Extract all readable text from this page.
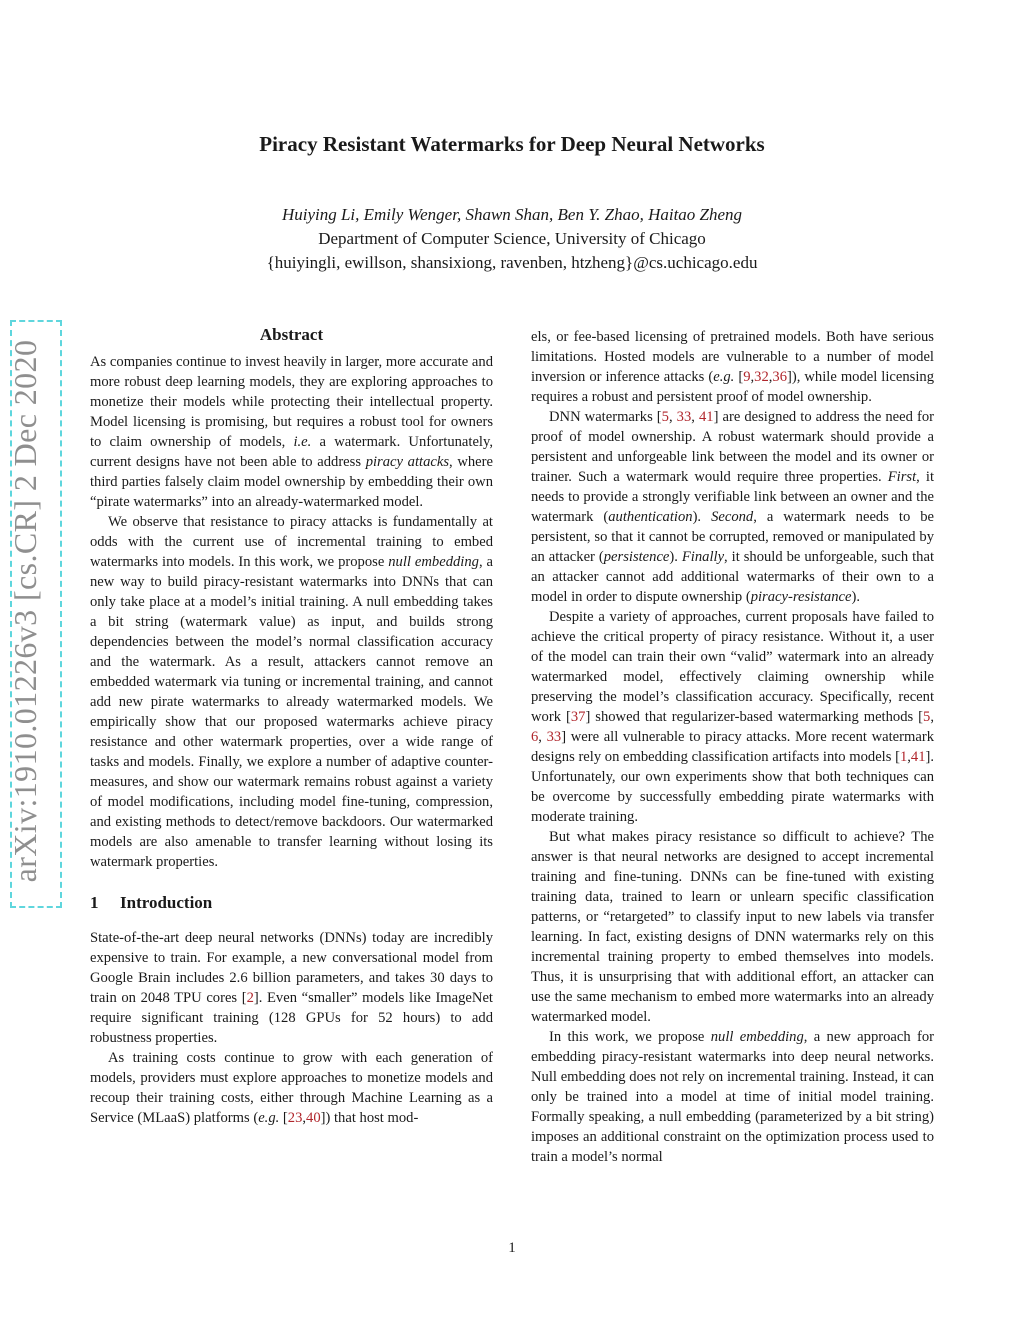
Piracy Resistant Watermarks for Deep Neural Networks
Huiying Li, Emily Wenger, Shawn Shan, Ben Y. Zhao, Haitao Zheng
Department of Computer Science, University of Chicago
{huiyingli, ewillson, shansixiong, ravenben, htzheng}@cs.uchicago.edu
arXiv:1910.01226v3 [cs.CR] 2 Dec 2020
Abstract

As companies continue to invest heavily in larger, more accurate and more robust deep learning models, they are exploring approaches to monetize their models while protecting their intellectual property. Model licensing is promising, but requires a robust tool for owners to claim ownership of models, i.e. a watermark. Unfortunately, current designs have not been able to address piracy attacks, where third parties falsely claim model ownership by embedding their own “pirate watermarks” into an already-watermarked model.

We observe that resistance to piracy attacks is fundamentally at odds with the current use of incremental training to embed watermarks into models. In this work, we propose null embedding, a new way to build piracy-resistant watermarks into DNNs that can only take place at a model’s initial training. A null embedding takes a bit string (watermark value) as input, and builds strong dependencies between the model’s normal classification accuracy and the watermark. As a result, attackers cannot remove an embedded watermark via tuning or incremental training, and cannot add new pirate watermarks to already watermarked models. We empirically show that our proposed watermarks achieve piracy resistance and other watermark properties, over a wide range of tasks and models. Finally, we explore a number of adaptive counter-measures, and show our watermark remains robust against a variety of model modifications, including model fine-tuning, compression, and existing methods to detect/remove backdoors. Our watermarked models are also amenable to transfer learning without losing its watermark properties.

1 Introduction

State-of-the-art deep neural networks (DNNs) today are incredibly expensive to train. For example, a new conversational model from Google Brain includes 2.6 billion parameters, and takes 30 days to train on 2048 TPU cores [2]. Even “smaller” models like ImageNet require significant training (128 GPUs for 52 hours) to add robustness properties.

As training costs continue to grow with each generation of models, providers must explore approaches to monetize models and recoup their training costs, either through Machine Learning as a Service (MLaaS) platforms (e.g. [23,40]) that host mod-

els, or fee-based licensing of pretrained models. Both have serious limitations. Hosted models are vulnerable to a number of model inversion or inference attacks (e.g. [9,32,36]), while model licensing requires a robust and persistent proof of model ownership.

DNN watermarks [5, 33, 41] are designed to address the need for proof of model ownership. A robust watermark should provide a persistent and unforgeable link between the model and its owner or trainer. Such a watermark would require three properties. First, it needs to provide a strongly verifiable link between an owner and the watermark (authentication). Second, a watermark needs to be persistent, so that it cannot be corrupted, removed or manipulated by an attacker (persistence). Finally, it should be unforgeable, such that an attacker cannot add additional watermarks of their own to a model in order to dispute ownership (piracy-resistance).

Despite a variety of approaches, current proposals have failed to achieve the critical property of piracy resistance. Without it, a user of the model can train their own “valid” watermark into an already watermarked model, effectively claiming ownership while preserving the model’s classification accuracy. Specifically, recent work [37] showed that regularizer-based watermarking methods [5, 6, 33] were all vulnerable to piracy attacks. More recent watermark designs rely on embedding classification artifacts into models [1,41]. Unfortunately, our own experiments show that both techniques can be overcome by successfully embedding pirate watermarks with moderate training.

But what makes piracy resistance so difficult to achieve? The answer is that neural networks are designed to accept incremental training and fine-tuning. DNNs can be fine-tuned with existing training data, trained to learn or unlearn specific classification patterns, or “retargeted” to classify input to new labels via transfer learning. In fact, existing designs of DNN watermarks rely on this incremental training property to embed themselves into models. Thus, it is unsurprising that with additional effort, an attacker can use the same mechanism to embed more watermarks into an already watermarked model.

In this work, we propose null embedding, a new approach for embedding piracy-resistant watermarks into deep neural networks. Null embedding does not rely on incremental training. Instead, it can only be trained into a model at time of initial model training. Formally speaking, a null embedding (parameterized by a bit string) imposes an additional constraint on the optimization process used to train a model’s normal

1
